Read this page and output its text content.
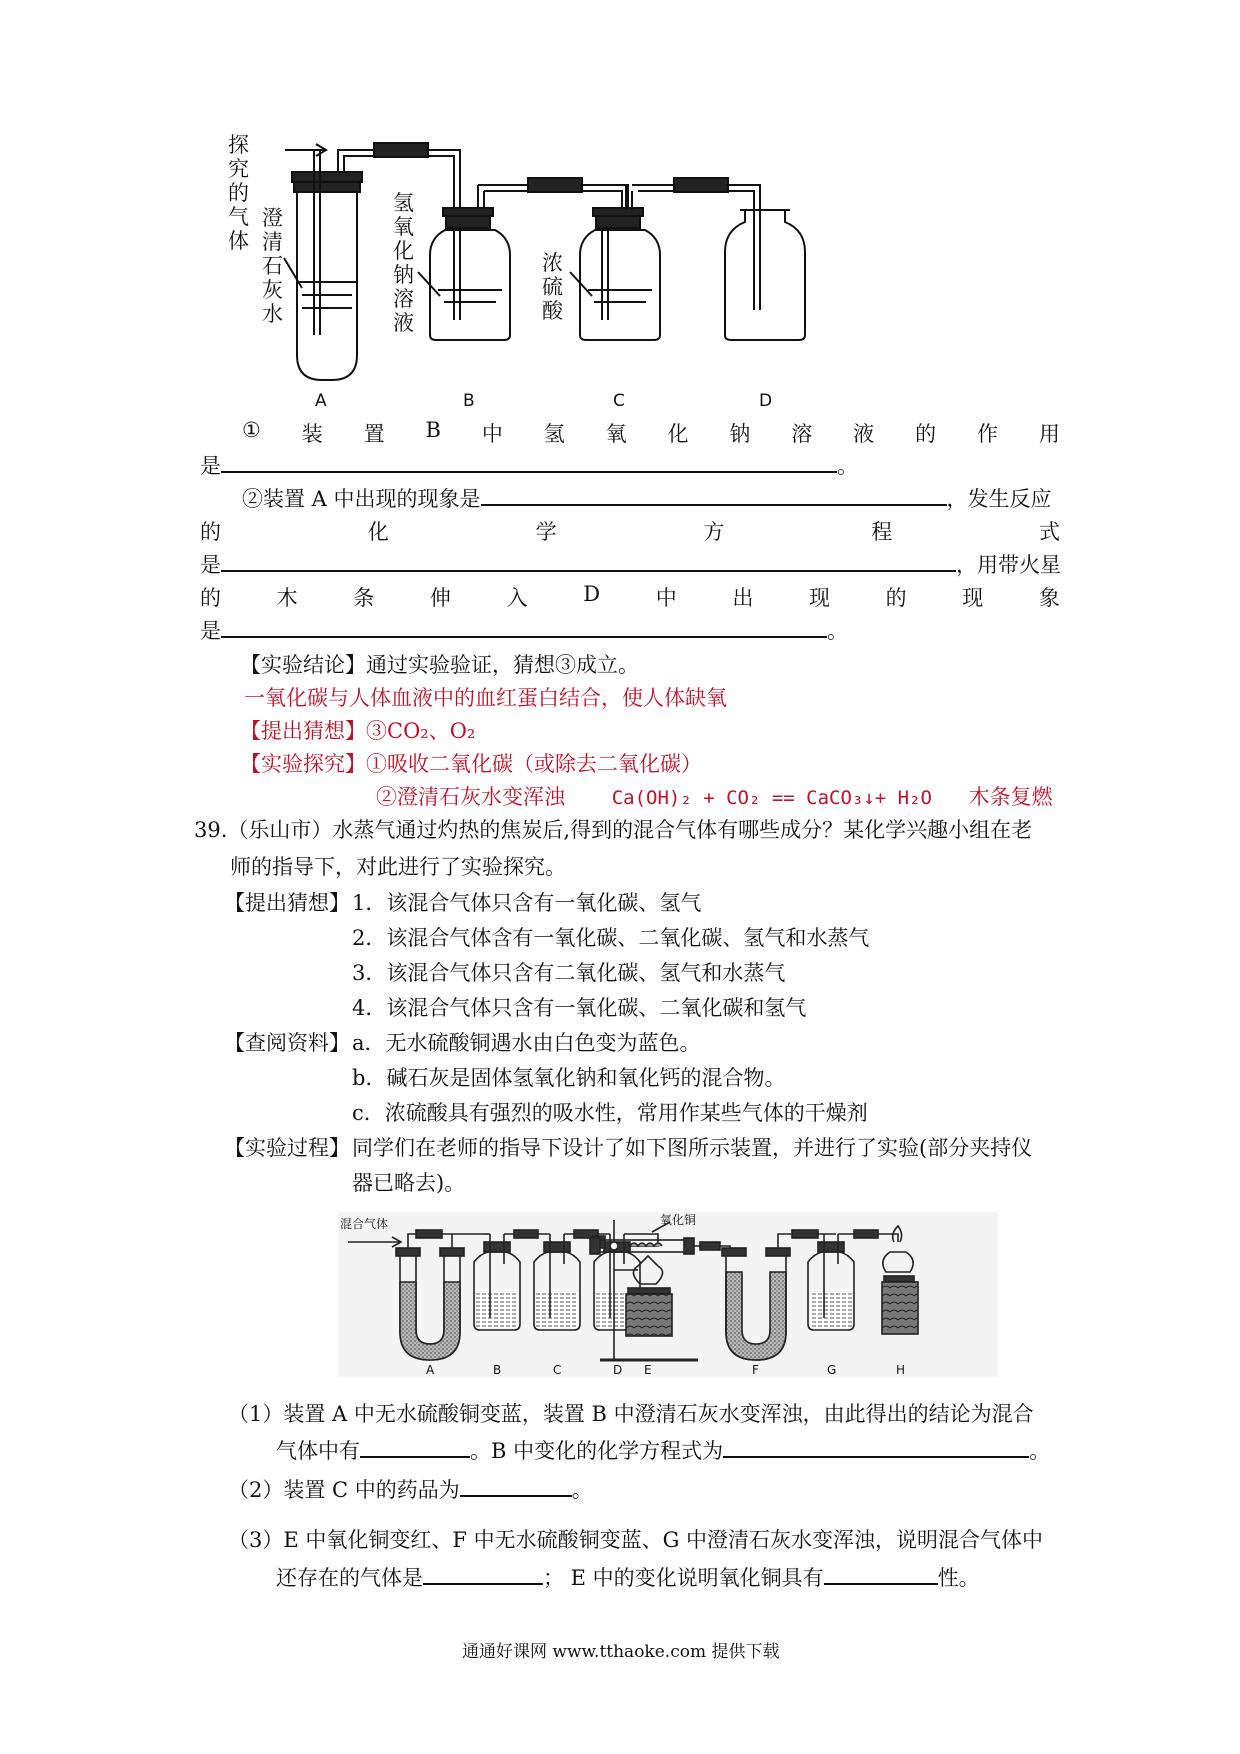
探究的气体
澄清石灰水
氢氧化钠溶液
浓硫酸
A	B	C	D
① 装 置 B 中 氢 氧 化 钠 溶 液 的 作 用
是	。
②装置 A 中出现的现象是	，发生反应
的	化	学	方	程	式
是	，用带火星
的	木	条	伸	入	D	中	出	现	的	现	象
是	。
【实验结论】通过实验验证，猜想③成立。
一氧化碳与人体血液中的血红蛋白结合，使人体缺氧
【提出猜想】③CO₂、O₂
【实验探究】①吸收二氧化碳（或除去二氧化碳）
②澄清石灰水变浑浊 Ca(OH)₂ + CO₂ == CaCO₃↓+ H₂O 木条复燃
39.（乐山市）水蒸气通过灼热的焦炭后,得到的混合气体有哪些成分？某化学兴趣小组在老
师的指导下，对此进行了实验探究。
【提出猜想】 1．该混合气体只含有一氧化碳、氢气
2．该混合气体含有一氧化碳、二氧化碳、氢气和水蒸气
3．该混合气体只含有二氧化碳、氢气和水蒸气
4．该混合气体只含有一氧化碳、二氧化碳和氢气
【查阅资料】 a．无水硫酸铜遇水由白色变为蓝色。
b．碱石灰是固体氢氧化钠和氧化钙的混合物。
c．浓硫酸具有强烈的吸水性，常用作某些气体的干燥剂
【实验过程】 同学们在老师的指导下设计了如下图所示装置，并进行了实验(部分夹持仪
器已略去)。
混合气体	氧化铜
A	B	C	D E	F	G	H
（1）装置 A 中无水硫酸铜变蓝，装置 B 中澄清石灰水变浑浊，由此得出的结论为混合
气体中有	。B 中变化的化学方程式为	。
（2）装置 C 中的药品为	。
（3）E 中氧化铜变红、F 中无水硫酸铜变蓝、G 中澄清石灰水变浑浊，说明混合气体中
还存在的气体是	； E 中的变化说明氧化铜具有	性。
通通好课网 www.tthaoke.com 提供下载
